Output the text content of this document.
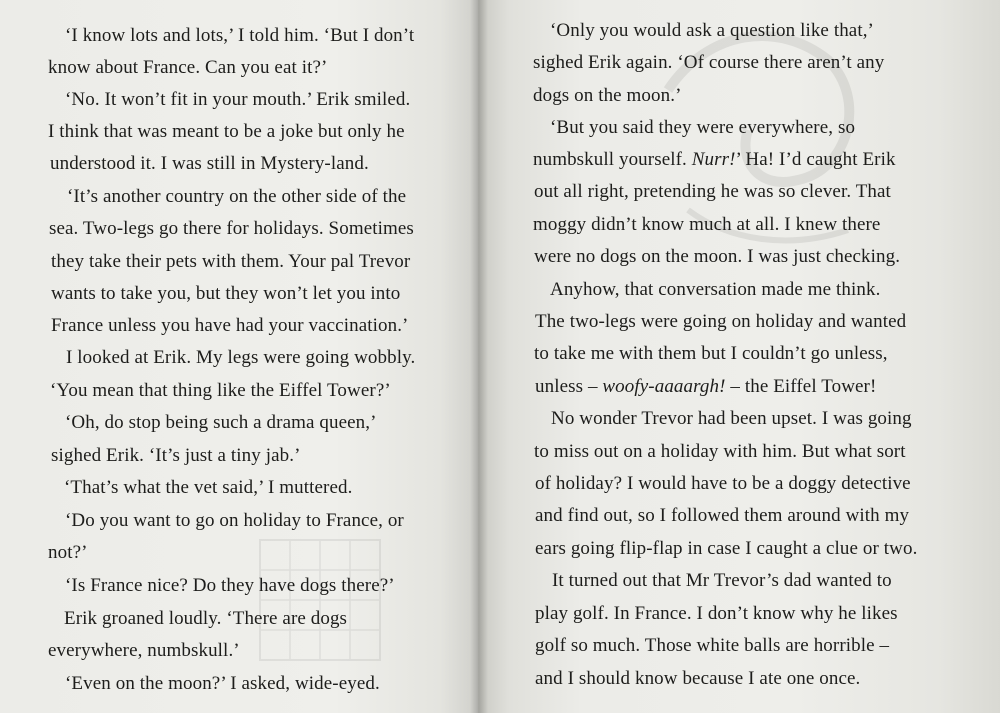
‘I know lots and lots,’ I told him. ‘But I don’t
know about France. Can you eat it?’
‘No. It won’t fit in your mouth.’ Erik smiled.
I think that was meant to be a joke but only he
understood it. I was still in Mystery-land.
‘It’s another country on the other side of the
sea. Two-legs go there for holidays. Sometimes
they take their pets with them. Your pal Trevor
wants to take you, but they won’t let you into
France unless you have had your vaccination.’
I looked at Erik. My legs were going wobbly.
‘You mean that thing like the Eiffel Tower?’
‘Oh, do stop being such a drama queen,’
sighed Erik. ‘It’s just a tiny jab.’
‘That’s what the vet said,’ I muttered.
‘Do you want to go on holiday to France, or
not?’
‘Is France nice? Do they have dogs there?’
Erik groaned loudly. ‘There are dogs
everywhere, numbskull.’
‘Even on the moon?’ I asked, wide-eyed.
‘Only you would ask a question like that,’
sighed Erik again. ‘Of course there aren’t any
dogs on the moon.’
‘But you said they were everywhere, so
numbskull yourself. Nurr!’ Ha! I’d caught Erik
out all right, pretending he was so clever. That
moggy didn’t know much at all. I knew there
were no dogs on the moon. I was just checking.
Anyhow, that conversation made me think.
The two-legs were going on holiday and wanted
to take me with them but I couldn’t go unless,
unless – woofy-aaaargh! – the Eiffel Tower!
No wonder Trevor had been upset. I was going
to miss out on a holiday with him. But what sort
of holiday? I would have to be a doggy detective
and find out, so I followed them around with my
ears going flip-flap in case I caught a clue or two.
It turned out that Mr Trevor’s dad wanted to
play golf. In France. I don’t know why he likes
golf so much. Those white balls are horrible –
and I should know because I ate one once.
